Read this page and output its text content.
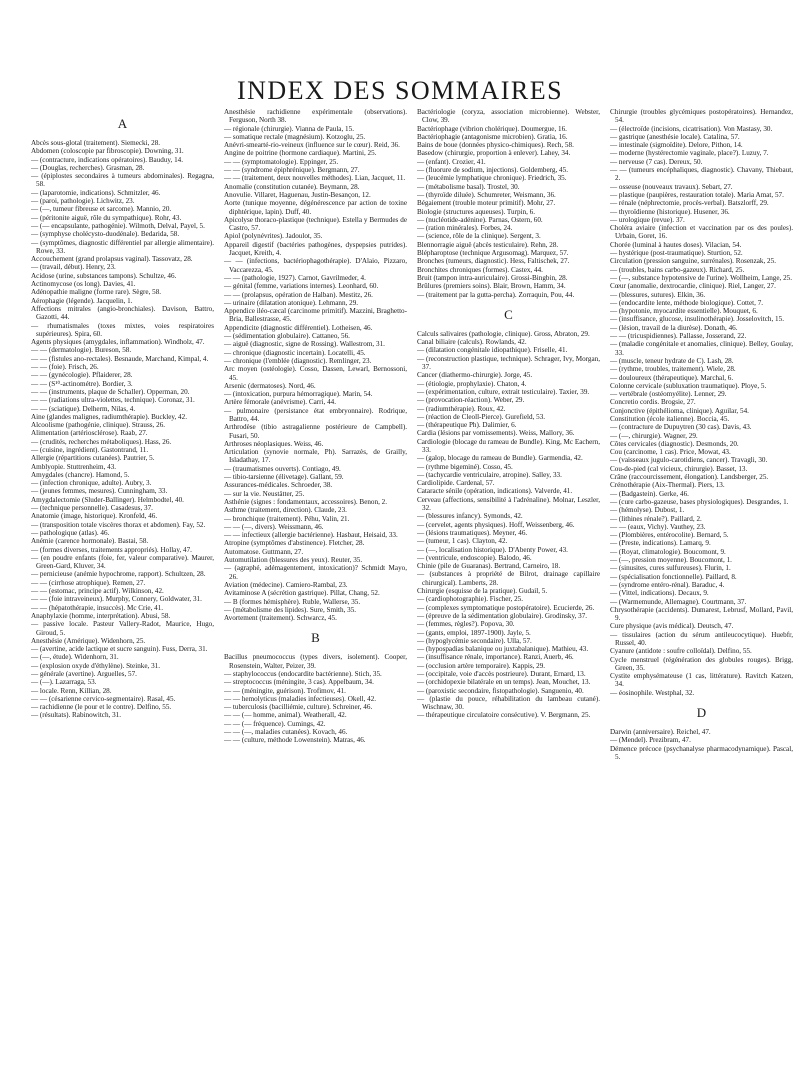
INDEX DES SOMMAIRES
A
Abcès sous-glotal (traitement). Siemecki, 28.
Abdomen (coloscopie par fibroscopie). Downing, 31.
— (contracture, indications opératoires). Bauduy, 14.
— (Douglas, recherches). Grasman, 28.
— (épiplostes secondaires à tumeurs abdominales). Regagna, 58.
— (laparotomie, indications). Schmitzler, 46.
— (paroi, pathologie). Lichwitz, 23.
— (—, tumeur fibreuse et sarcome). Mannio, 20.
— (péritonite aiguë, rôle du sympathique). Rohr, 43.
— (— encapsulante, pathogénie). Wilmoth, Delval, Payel, 5.
— (symphyse cholécysto-duodénale). Bedarida, 58.
— (symptômes, diagnostic différentiel par allergie alimentaire). Rowe, 33.
Accouchement (grand prolapsus vaginal). Tassovatz, 28.
— (travail, début). Henry, 23.
Acidose (urine, substances tampons). Schultze, 46.
Actinomycose (os long). Davies, 41.
Adénopathie maligne (forme rare). Sègre, 58.
Aérophagie (légende). Jacquelin, 1.
Affections mitrales (angio-bronchiales). Davison, Battro, Gazotti, 44.
— rhumatismales (toxes mixtes, voies respiratoires supérieures). Spira, 60.
Agents physiques (amygdales, inflammation). Windholz, 47.
— — (dermatologie). Bureson, 58.
— — (fistules ano-rectales). Besnaude, Marchand, Kimpal, 4.
— — (foie). Frisch, 26.
— — (gynécologie). Pflaiderer, 28.
— — (S¹⁰-actinométre). Bordier, 3.
— — (instruments, plaque de Schaller). Opperman, 20.
— — (radiations ultra-violettes, technique). Coronaz, 31.
— — (sciatique). Delherm, Nilas, 4.
Aine (glandes malignes, radiumthérapie). Buckley, 42.
Alcoolisme (pathogénie, clinique). Strauss, 26.
Alimentation (artériosclérose). Raab, 27.
— (crudités, recherches métaboliques). Hass, 26.
— (cuisine, ingrédient). Gastontrand, 11.
Allergie (répartitions cutanées). Pautrier, 5.
Amblyopie. Stuttrenheim, 43.
Amygdales (chancre). Hamond, 5.
— (infection chronique, adulte). Aubry, 3.
— (jeunes femmes, mesures). Cunningham, 33.
Amygdalectomie (Sluder-Ballinger). Helmbodtel, 40.
— (technique personnelle). Casadesus, 37.
Anatomie (image, historique). Kronfeld, 46.
— (transposition totale viscères thorax et abdomen). Fay, 52.
— pathologique (atlas). 46.
Anémie (carence hormonale). Bastai, 58.
— (formes diverses, traitements appropriés). Hollay, 47.
— (en poudre enfants (foie, fer, valeur comparative). Maurer, Green-Gard, Kluver, 34.
— pernicieuse (anémie hypochrome, rapport). Schultzen, 28.
— — (cirrhose atrophique). Remen, 27.
— — (estomac, principe actif). Wilkinson, 42.
— — (foie intraveineux). Murphy, Connery, Goldwater, 31.
— — (hépatothérapie, insuccès). Mc Crie, 41.
Anaphylaxie (homme, interprétation). Abusi, 58.
— passive locale. Pasteur Vallery-Radot, Maurice, Hugo, Giroud, 5.
Anesthésie (Amérique). Widenhorn, 25.
— (avertine, acide lactique et sucre sanguin). Fuss, Derra, 31.
— (—, étude). Widenhorn, 31.
— (explosion oxyde d'éthylène). Steinke, 31.
— générale (avertine). Arguelles, 57.
— (—). Lazarraga, 53.
— locale. Renn, Killian, 28.
— — (césarienne cervico-segmentaire). Rasal, 45.
— rachidienne (le pour et le contre). Delfino, 55.
— (résultats). Rabinowitch, 31.
Anesthésie rachidienne expérimentale (observations). Ferguson, North 38.
— régionale (chirurgie). Vianna de Paula, 15.
— somatique rectale (magnésium). Kotzoglu, 25.
Anévri-smearté-rio-veineux (influence sur le cœur). Reid, 36.
Angine de poitrine (hormone cardiaque). Martini, 25.
— — (symptomatologie). Eppinger, 25.
— — (syndrome épiphrénique). Bergmann, 27.
— — (traitement, deux nouvelles méthodes). Lian, Jacquet, 11.
Anomalie (constitution cutanée). Beymann, 28.
Anovulie. Villaret, Haguenau, Justin-Besançon, 12.
Aorte (tunique moyenne, dégénérescence par action de toxine diphtérique, lapin). Duff, 40.
Apicolyse thoraco-plastique (technique). Estella y Bermudes de Castro, 57.
Apiol (polynévrites). Jadoulot, 35.
Appareil digestif (bactéries pathogènes, dyspepsies putrides). Jacquet, Kreith, 4.
— — (infections, bactériophagothérapie). D'Alaio, Pizzaro, Vaccarezza, 45.
— — (pathologie, 1927). Carnot, Gavrilmeder, 4.
— génital (femme, variations internes). Leonhard, 60.
— — (prolapsus, opération de Halban). Mestitz, 26.
— urinaire (dilatation atonique). Lehmann, 29.
Appendice iléo-cæcal (carcinome primitif). Mazzini, Braghetto-Bria, Ballestrasse, 45.
Appendicite (diagnostic différentiel). Lotheisen, 46.
— (sédimentation globulaire). Cattaneo, 56.
— aiguë (diagnostic, signe de Rossing). Wallestrom, 31.
— chronique (diagnostic incertain). Locatelli, 45.
— chronique (l'emblée (diagnostic). Remlinger, 23.
Arc moyen (ostéologie). Cosso, Dassen, Lewarl, Bernossoni, 45.
Arsenic (dermatoses). Nord, 46.
— (intoxication, purpura hémorragique). Marin, 54.
Artère fémorale (anévrisme). Carri, 44.
— pulmonaire (persistance état embryonnaire). Rodrique, Battro, 44.
Arthrodèse (tibio astragalienne postérieure de Campbell). Fusari, 50.
Arthroses néoplasiques. Weiss, 46.
Articulation (synovie normale, Ph). Sarrazès, de Grailly, Isladathay, 17.
— (traumatismes ouverts). Contiago, 49.
— tibio-tarsienne (élivetage). Gallant, 59.
Assurances-médicales. Schroeder, 38.
— sur la vie. Neustätter, 25.
Asthénie (signes : fondamentaux, accessoires). Benon, 2.
Asthme (traitement, direction). Claude, 23.
— bronchique (traitement). Péhu, Valin, 21.
— — (—, divers). Weissmann, 46.
— — infectieux (allergie bactérienne). Hasbaut, Heisaid, 33.
Atropine (symptômes d'abstinence). Fletcher, 28.
Automatose. Guttmann, 27.
Automutilation (blessures des yeux). Reuter, 35.
— (agraphé, adémagentement, intoxication)? Schmidt Mayo, 26.
Aviation (médecine). Camiero-Rambal, 23.
Avitaminose A (sécrétion gastrique). Pillat, Chang, 52.
— B (formes hémisphère). Ruble, Wallerse, 35.
— (métabolisme des lipides). Sure, Smith, 35.
Avortement (traitement). Schwarcz, 45.
B
Bacillus pneumococcus (types divers, isolement). Cooper, Rosenstein, Walter, Peizer, 39.
— staphylococcus (endocardite bactérienne). Stich, 35.
— streptococcus (méningite, 3 cas). Appelbaum, 34.
— — (méningite, guérison). Trofimov, 41.
— — hemolyticus (maladies infectieuses). Okell, 42.
— tuberculosis (bacilliémie, culture). Schreiner, 46.
— — (— homme, animal). Weatherall, 42.
— — (— fréquence). Cumings, 42.
— — (—, maladies cutanées). Kovach, 46.
— — (culture, méthode Lowenstein). Matras, 46.
Bactériologie (coryza, association microbienne). Webster, Clow, 39.
Bactériophage (vibrion cholérique). Doumergue, 16.
Bactériophagie (antagonisme microbien). Gratia, 16.
Bains de boue (données physico-chimiques). Rech, 58.
Basedow (chirurgie, proportion à enlever). Lahey, 34.
— (enfant). Crozier, 41.
— (fluorure de sodium, injections). Goldemberg, 45.
— (leucémie lymphatique chronique). Friedrich, 35.
— (métabolisme basal). Trostel, 30.
— (thyroïde diluée). Schumreter, Weismann, 36.
Bégaiement (trouble moteur primitif). Mohr, 27.
Biologie (structures aqueuses). Turpin, 6.
— (nucléotide-adénine). Parnas, Ostern, 60.
— (ration minérales). Forbes, 24.
— (science, rôle de la clinique). Sergent, 3.
Blennorragie aiguë (abcès testiculaire). Rehn, 28.
Blépharoptose (technique Argusomag). Marquez, 57.
Bronches (tumeurs, diagnostic). Hess, Faltischek, 27.
Bronchites chroniques (formes). Castex, 44.
Bruit (tampon intra-auriculaire). Grossi-Bingbin, 28.
Brûlures (premiers soins). Blair, Brown, Hamm, 34.
— (traitement par la gutta-percha). Zorraquin, Pou, 44.
C
Calculs salivaires (pathologie, clinique). Gross, Abraton, 29.
Canal biliaire (calculs). Rowlands, 42.
— (dilatation congénitale idiopathique). Friselle, 41.
— (reconstruction plastique, technique). Schrager, Ivy, Morgan, 37.
Cancer (diathermo-chirurgie). Jorge, 45.
— (étiologie, prophylaxie). Chaton, 4.
— (expérimentation, culture, extrait testiculaire). Taxier, 39.
— (provocation-réaction). Weber, 29.
— (radiumthérapie). Roux, 42.
— (réaction de Cleoll-Pierce). Gurefield, 53.
— (thérapeutique Ph). Dalimier, 6.
Cardia (lésions par vomissements). Weiss, Mallory, 36.
Cardiologie (blocage du rameau de Bundle). King, Mc Eachern, 33.
— (galop, blocage du rameau de Bundle). Garmendia, 42.
— (rythme bigeminé). Cosso, 45.
— (tachycardie ventriculaire, atropine). Salley, 33.
Cardiolipide. Cardenal, 57.
Cataracte sénile (opération, indications). Valverde, 41.
Cerveau (affections, sensibilité à l'adrénaline). Molnar, Leszler, 32.
— (blessures infancy). Symonds, 42.
— (cervelet, agents physiques). Hoff, Weissenberg, 46.
— (lésions traumatiques). Meyner, 46.
— (tumeur, 1 cas). Clayton, 42.
— (—, localisation historique). D'Abenty Power, 43.
— (ventricule, endoscopie). Balodo, 46.
Chinie (pile de Guaranas). Bertrand, Carneiro, 18.
— (substances à propriété de Bilrot, drainage capillaire chirurgical). Lamberts, 28.
Chirurgie (esquisse de la pratique). Gudail, 5.
— (cardiophotographie). Fischer, 25.
— (complexes symptomatique postopératoire). Ecucierde, 26.
— (épreuve de la sédimentation globulaire). Grodinsky, 37.
— (femmes, règles?). Popova, 30.
— (gants, emploi, 1897-1900). Jayle, 5.
— (hypoglycémie secondaire). Ulla, 57.
— (hypospadias balanique ou juxtabalanique). Mathieu, 43.
— (insuffisance rénale, importance). Ranzi, Auerb, 46.
— (occlusion artère temporaire). Kappis, 29.
— (occipitale, voie d'accès postrieure). Durant, Ernard, 13.
— (orchidopexie bilatérale en un temps). Jean, Mouchet, 13.
— (paroxistic secondaire, fistopathologie). Sanguenio, 40.
— (plastie du pouce, réhabilitation du lambeau cutané). Wischnaw, 30.
— thérapeutique circulatoire consécutive). V. Bergmann, 25.
Chirurgie (troubles glycémiques postopératoires). Hernandez, 54.
— (électroïde (incisions, cicatrisation). Von Mastasy, 30.
— gastrique (anesthésie locale). Catalina, 57.
— intestinale (sigmoïdite). Delore, Pithon, 14.
— moderne (hystérectomie vaginale, place?). Luzuy, 7.
— nerveuse (7 cas). Dereux, 50.
— — (tumeurs encéphaliques, diagnostic). Chavany, Thiebaut, 2.
— osseuse (nouveaux travaux). Sebart, 27.
— plastique (paupières, restauration totale). Maria Amat, 57.
— rénale (néphrectomie, procès-verbal). Batszlorff, 29.
— thyroïdienne (historique). Husener, 36.
— urologique (revue). 37.
Choléra aviaire (infection et vaccination par os des poules). Urbain, Goret, 16.
Chorée (luminal à hautes doses). Vilacian, 54.
— hystérique (post-traumatique). Sturtion, 52.
Circulation (pression sanguine, surrénales). Rosenzak, 25.
— (troubles, bains carbo-gazeux). Richard, 25.
— (—, substance hypotensive de l'urine). Wollheim, Lange, 25.
Cœur (anomalie, dextrocardie, clinique). Riel, Langer, 27.
— (blessures, sutures). Elkin, 36.
— (endocardite lente, méthode biologique). Cottet, 7.
— (hypotonie, myocardite essentielle). Mouquet, 6.
— (insuffisance, glucose, insulinothérapie). Josselovitch, 15.
— (lésion, travail de la diurèse). Donath, 46.
— — (tricuspidiennes). Pallasse, Josserand, 22.
— (maladie congénitale et anomalies, clinique). Belley, Goulay, 33.
— (muscle, teneur hydrate de C). Lash, 28.
— (rythme, troubles, traitement). Wiele, 28.
— douloureux (thérapeutique). Marchal, 6.
Colonne cervicale (subluxation traumatique). Ploye, 5.
— vertébrale (ostéomyélite). Lenner, 29.
Concretio cordis. Brogsie, 27.
Conjonctive (épithélioma, clinique). Aguilar, 54.
Constitution (école italienne). Boccia, 45.
— (contracture de Dupuytren (30 cas). Davis, 43.
— (—, chirurgie). Wagner, 29.
Côtes cervicales (diagnostic). Desmonds, 20.
Cou (carcinome, 1 cas). Price, Mowat, 43.
— (vaisseaux jugulo-carotidiens, cancer). Travagli, 30.
Cou-de-pied (cal vicieux, chirurgie). Basset, 13.
Crâne (raccourcissement, élongation). Landsberger, 25.
Crénothérapie (Aix-Thermal). Piers, 13.
— (Badgastein). Gerke, 46.
— (cure carbo-gazeuse, bases physiologiques). Desgrandes, 1.
— (hémolyse). Dubost, 1.
— (lithines rénale?). Paillard, 2.
— — (eaux, Vichy). Vauthey, 23.
— (Plombières, entérocolite). Bernard, 5.
— (Preste, indications). Lamarq, 9.
— (Royat, climatologie). Boucomont, 9.
— (—, pression moyenne). Boucomont, 1.
— (sinusites, cures sulfureuses). Flurin, 1.
— (spécialisation fonctionnelle). Paillard, 8.
— (syndrome entéro-rénal). Baraduc, 4.
— (Vittel, indications). Decaux, 9.
— (Warmemunde, Allemagne). Courtmann, 37.
Chrysothérapie (accidents). Dumarest, Lebrusf, Mollard, Pavil, 9.
Cure physique (avis médical). Deutsch, 47.
— tissulaires (action du sérum antileucocytique). Huebfr, Russel, 40.
Cyanure (antidote : soufre colloïdal). Delfino, 55.
Cycle menstruel (régénération des globules rouges). Brigg, Green, 35.
Cystite emphysémateuse (1 cas, littérature). Ravitch Katzen, 34.
— éosinophile. Westphal, 32.
D
Darwin (anniversaire). Reichel, 47.
— (Mendel). Prezibram, 47.
Démence précoce (psychanalyse pharmacodynamique). Pascal, 5.
